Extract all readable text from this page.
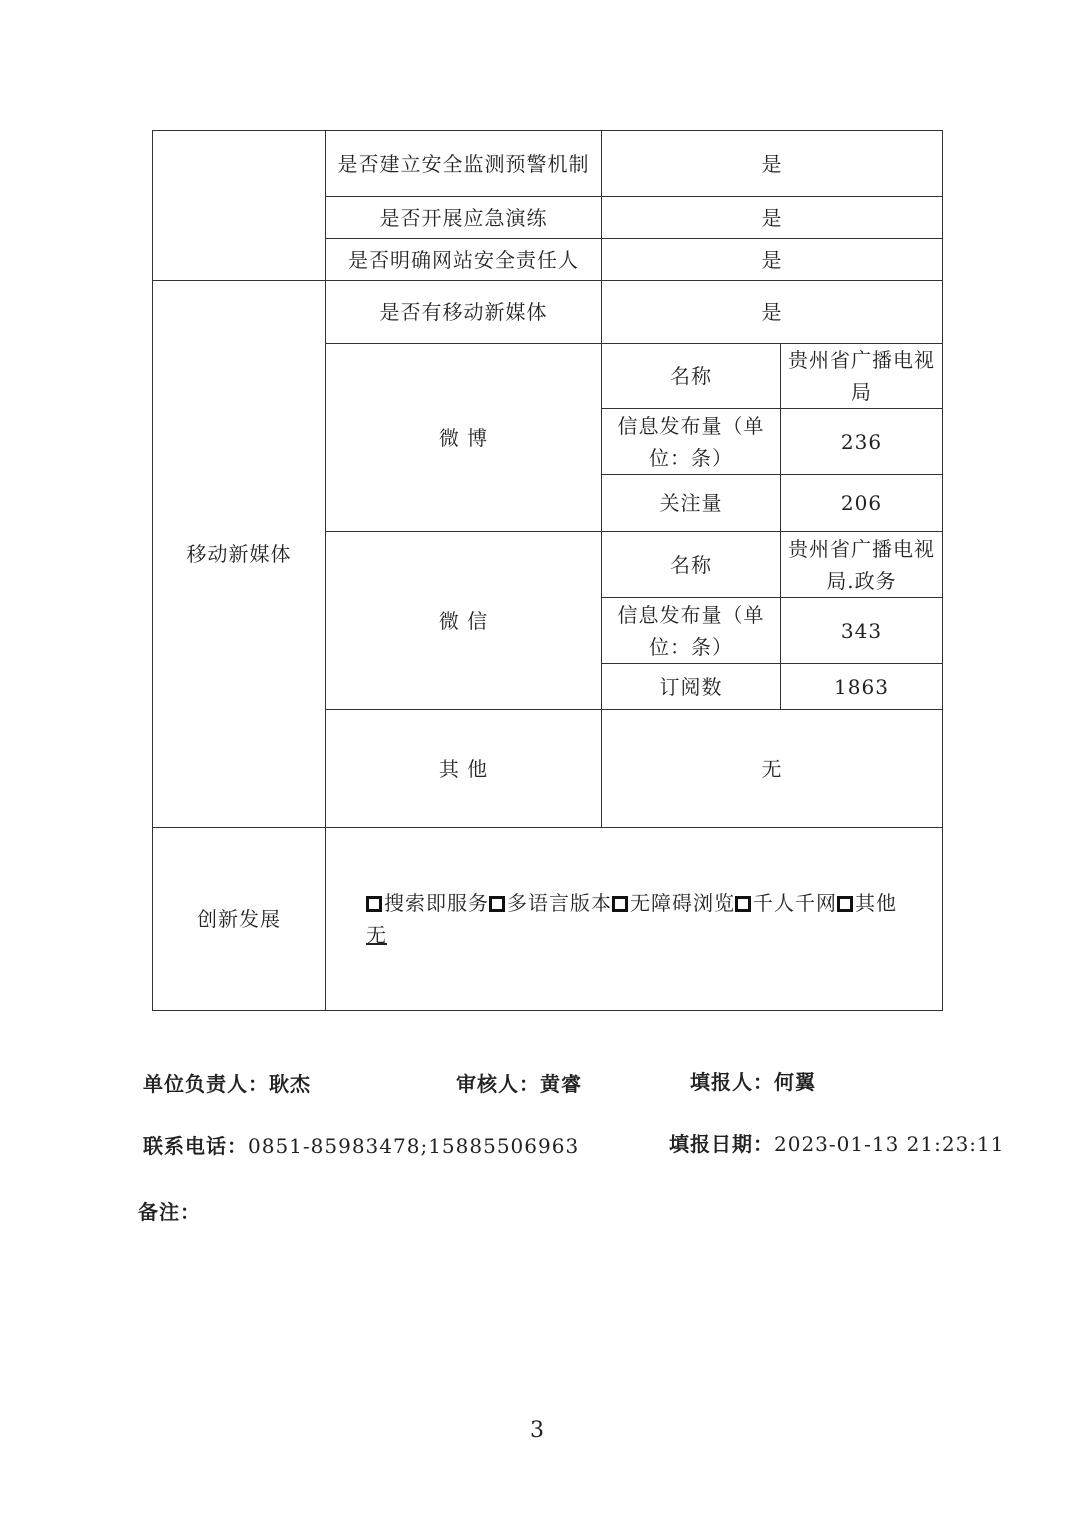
	是否建立安全监测预警机制	是	
	是否开展应急演练	是	
	是否明确网站安全责任人	是	
移动新媒体	是否有移动新媒体	是	
	微 博	名称	贵州省广播电视局
		信息发布量（单位：条）	236
		关注量	206
	微 信	名称	贵州省广播电视局.政务
		信息发布量（单位：条）	343
		订阅数	1863
	其 他	无	
创新发展	搜索即服务 多语言版本 无障碍浏览 千人千网 其他
无		
单位负责人：耿杰	审核人：黄睿	填报人：何翼
联系电话：0851-85983478;15885506963	填报日期：2023-01-13 21:23:11
备注：
3
